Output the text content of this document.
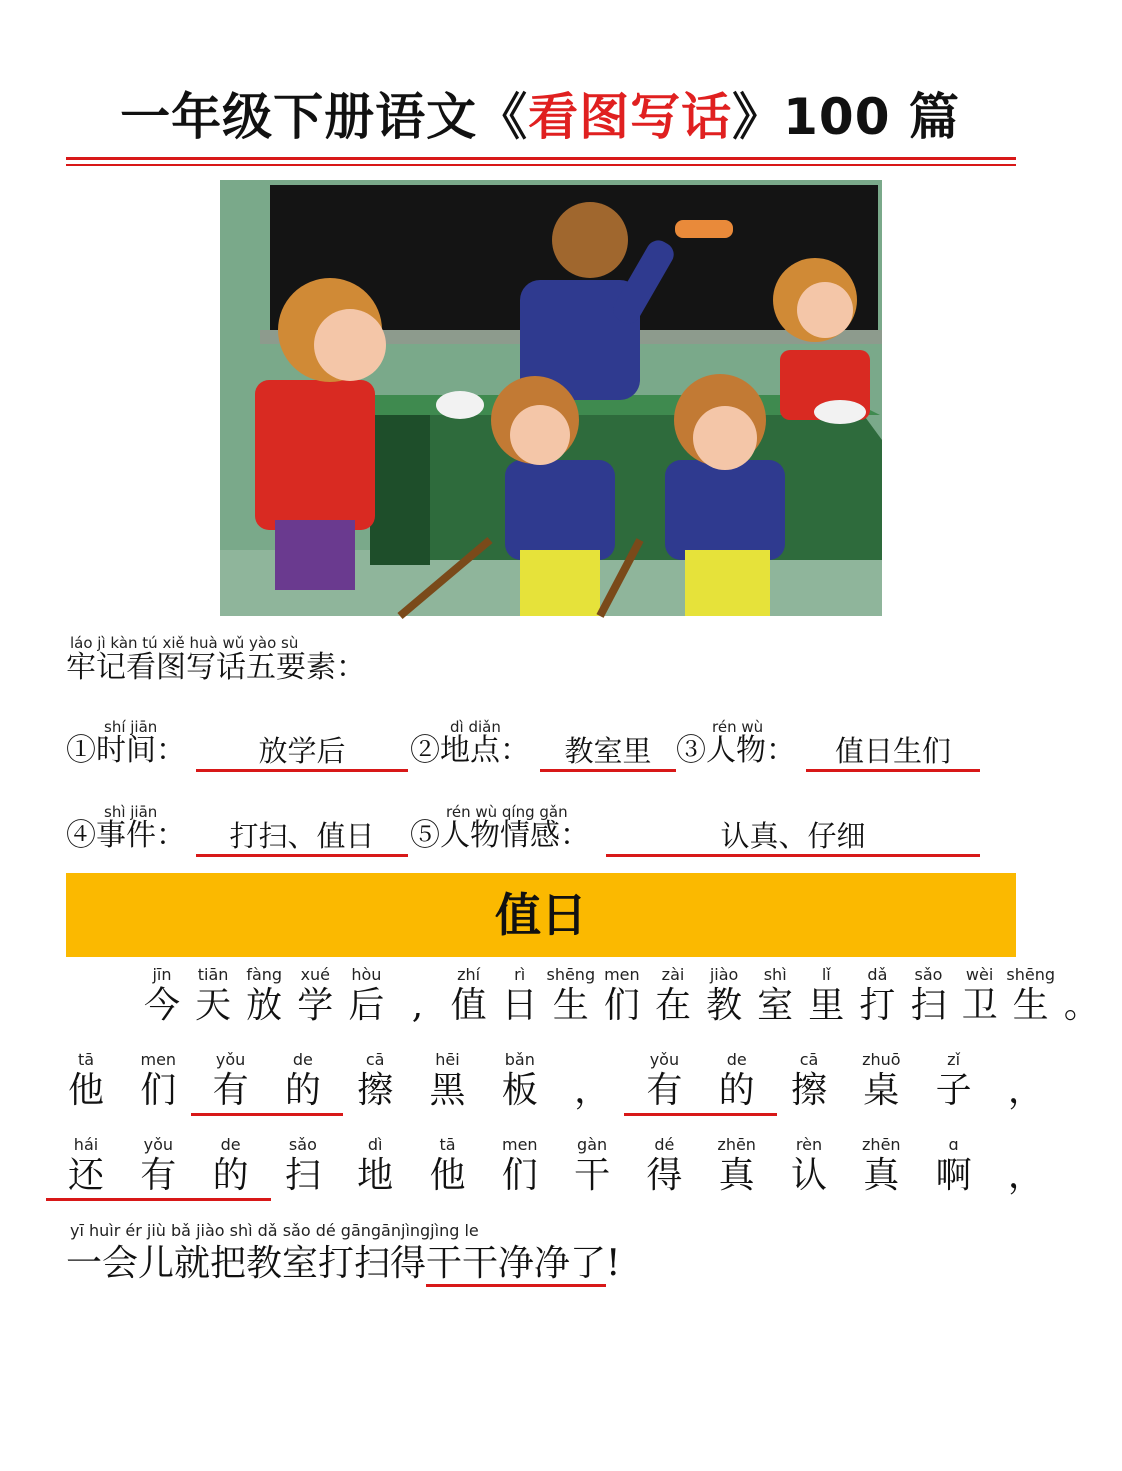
一年级下册语文《看图写话》100 篇
láo jì kàn tú xiě huà wǔ yào sù
牢记看图写话五要素：
shí jiān
①时间：	放学后
dì diǎn
②地点：	教室里
rén wù
③人物：	值日生们
shì jiān
④事件：	打扫、值日
rén wù qíng gǎn
⑤人物情感：	认真、仔细
值日
jīn
今
tiān
天
fàng
放
xué
学
hòu
后 ,
zhí
值
rì
日
shēng
生
men
们
zài
在
jiào
教
shì
室
lǐ
里
dǎ
打
sǎo
扫
wèi
卫
shēng
生 。
tā
他
men
们
yǒu
有
de
的
cā
擦
hēi
黑
bǎn
板	，
yǒu
有
de
的
cā
擦
zhuō
桌
zǐ
子	，
hái
还
yǒu
有
de
的
sǎo
扫
dì
地
tā
他
men
们
gàn
干
dé
得
zhēn
真
rèn
认
zhēn
真
ɑ
啊	，
yī huìr ér jiù bǎ jiào shì dǎ sǎo dé gāngānjìngjìng le
一会儿就把教室打扫得干干净净了!
